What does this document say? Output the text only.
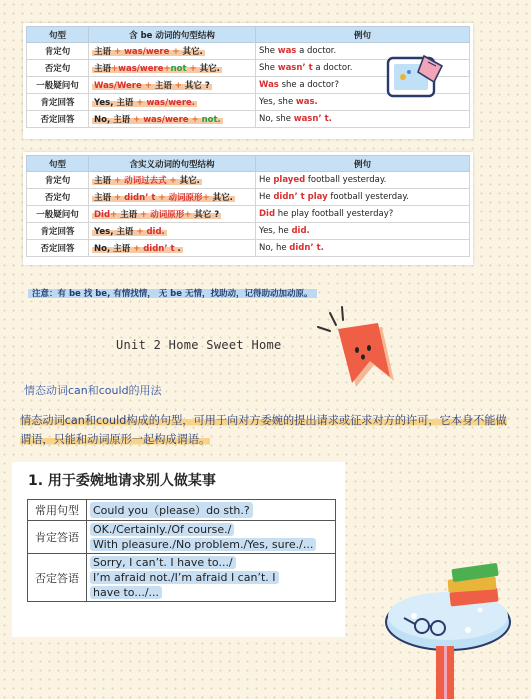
句型	含 be 动词的句型结构	例句
肯定句	主语 + was/were + 其它.	She was a doctor.
否定句	主语+was/were+not + 其它.	She wasn’ t a doctor.
一般疑问句	Was/Were + 主语 + 其它 ?	Was she a doctor?
肯定回答	Yes, 主语 + was/were.	Yes, she was.
否定回答	No, 主语 + was/were + not.	No, she wasn’ t.
句型	含实义动词的句型结构	例句
肯定句	主语 + 动词过去式 + 其它.	He played football yesterday.
否定句	主语 + didn’ t + 动词原形+ 其它.	He didn’ t play football yesterday.
一般疑问句	Did+ 主语 + 动词原形+ 其它 ?	Did he play football yesterday?
肯定回答	Yes, 主语 + did.	Yes, he did.
否定回答	No, 主语 + didn’ t .	No, he didn’ t.
注意：有 be 找 be, 有情找情， 无 be 无情，找助动，记得助动加动原。
Unit 2 Home Sweet Home
情态动词can和could的用法
情态动词can和could构成的句型，可用于向对方委婉的提出请求或征求对方的许可，它本身不能做谓语，只能和动词原形一起构成谓语。
1. 用于委婉地请求别人做某事
常用句型	Could you（please）do sth.?
肯定答语	OK./Certainly./Of course./
With pleasure./No problem./Yes, sure./...
否定答语	Sorry, I can’t. I have to.../
I’m afraid not./I’m afraid I can’t. I
have to.../...
